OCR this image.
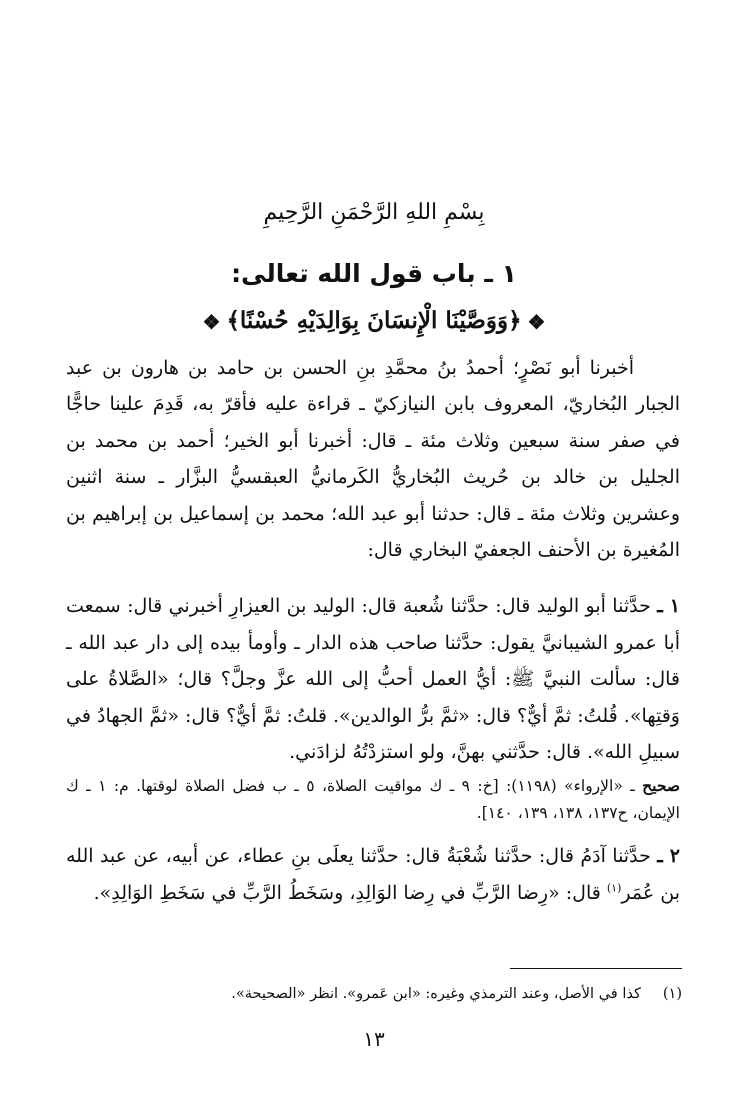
بِسْمِ اللهِ الرَّحْمَنِ الرَّحِيمِ
١ ـ باب قول الله تعالى:
❖﴿وَوَصَّيْنَا الْإِنسَانَ بِوَالِدَيْهِ حُسْنًا﴾❖

أخبرنا أبو نَصْرٍ؛ أحمدُ بنُ محمَّدِ بنِ الحسن بن حامد بن هارون بن عبد الجبار البُخاريّ، المعروف بابن النيازكيّ ـ قراءة عليه فأقرّ به، قَدِمَ علينا حاجًّا في صفر سنة سبعين وثلاث مئة ـ قال: أخبرنا أبو الخير؛ أحمد بن محمد بن الجليل بن خالد بن حُريث البُخاريُّ الكَرمانيُّ العبقسيُّ البزَّار ـ سنة اثنين وعشرين وثلاث مئة ـ قال: حدثنا أبو عبد الله؛ محمد بن إسماعيل بن إبراهيم بن المُغيرة بن الأحنف الجعفيّ البخاري قال:

١ ـ حدَّثنا أبو الوليد قال: حدَّثنا شُعبة قال: الوليد بن العيزارِ أخبرني قال: سمعت أبا عمرو الشيبانيَّ يقول: حدَّثنا صاحب هذه الدار ـ وأومأ بيده إلى دار عبد الله ـ قال: سألت النبيَّ ﷺ: أيُّ العمل أحبُّ إلى الله عزَّ وجلَّ؟ قال؛ «الصَّلاةُ على وَقتِها». قُلتُ: ثمَّ أيٌّ؟ قال: «ثمَّ برُّ الوالدين». قلتُ: ثمَّ أيٌّ؟ قال: «ثمَّ الجهادُ في سبيلِ الله». قال: حدَّثني بهنَّ، ولو استزدْتُهُ لزادَني.

صحيح ـ «الإرواء» (١١٩٨): [خ: ٩ ـ ك مواقيت الصلاة، ٥ ـ ب فضل الصلاة لوقتها. م: ١ ـ ك الإيمان، ح١٣٧، ١٣٨، ١٣٩، ١٤٠].

٢ ـ حدَّثنا آدَمُ قال: حدَّثنا شُعْبَةُ قال: حدَّثنا يعلَى بنِ عطاء، عن أبيه، عن عبد الله بن عُمَر$^{(١)}$ قال: «رِضا الرَّبِّ في رِضا الوَالِدِ، وسَخَطُ الرَّبِّ في سَخَطِ الوَالِدِ».

(١)كذا في الأصل، وعند الترمذي وغيره: «ابن عَمرو». انظر «الصحيحة».
١٣
